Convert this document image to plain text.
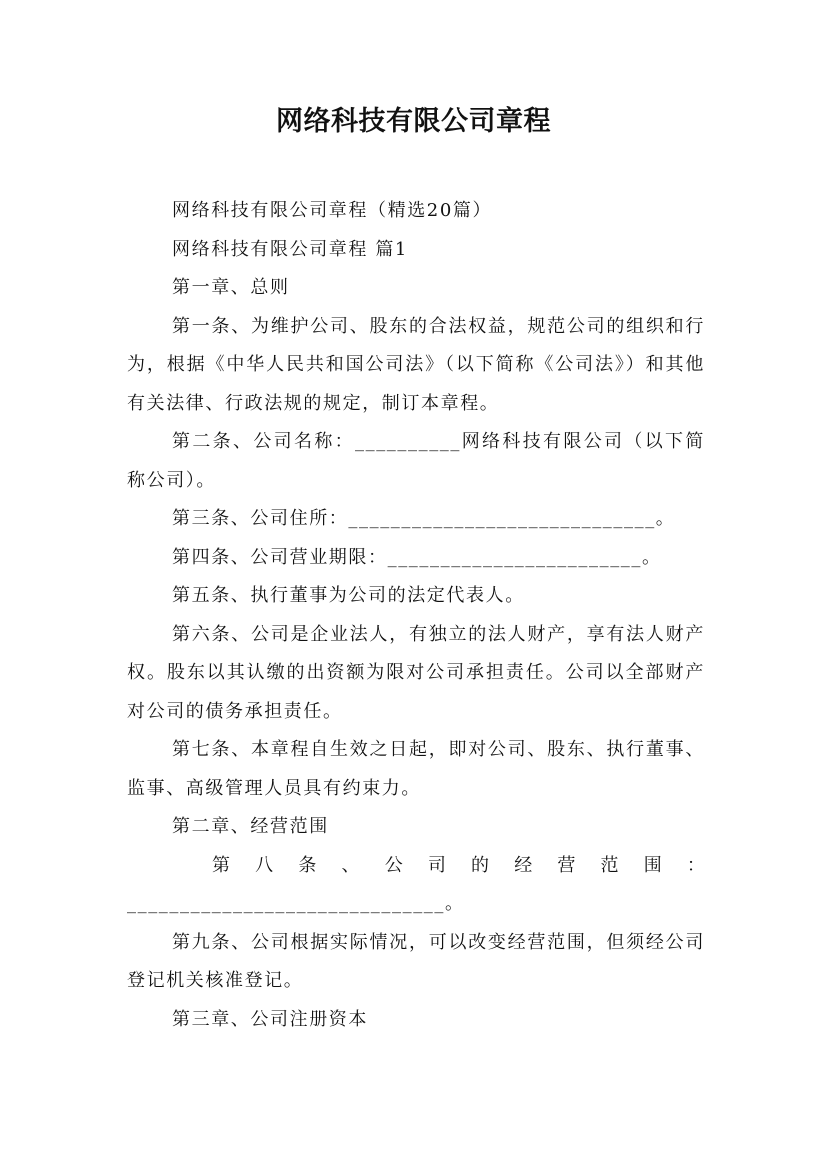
网络科技有限公司章程

网络科技有限公司章程（精选20篇）

网络科技有限公司章程 篇1

第一章、总则

第一条、为维护公司、股东的合法权益，规范公司的组织和行为，根据《中华人民共和国公司法》（以下简称《公司法》）和其他有关法律、行政法规的规定，制订本章程。

第二条、公司名称：__________网络科技有限公司（以下简称公司）。

第三条、公司住所：_____________________________。

第四条、公司营业期限：________________________。

第五条、执行董事为公司的法定代表人。

第六条、公司是企业法人，有独立的法人财产，享有法人财产权。股东以其认缴的出资额为限对公司承担责任。公司以全部财产对公司的债务承担责任。

第七条、本章程自生效之日起，即对公司、股东、执行董事、监事、高级管理人员具有约束力。

第二章、经营范围

第 八 条 、 公 司 的 经 营 范 围 ：

______________________________。

第九条、公司根据实际情况，可以改变经营范围，但须经公司登记机关核准登记。

第三章、公司注册资本
